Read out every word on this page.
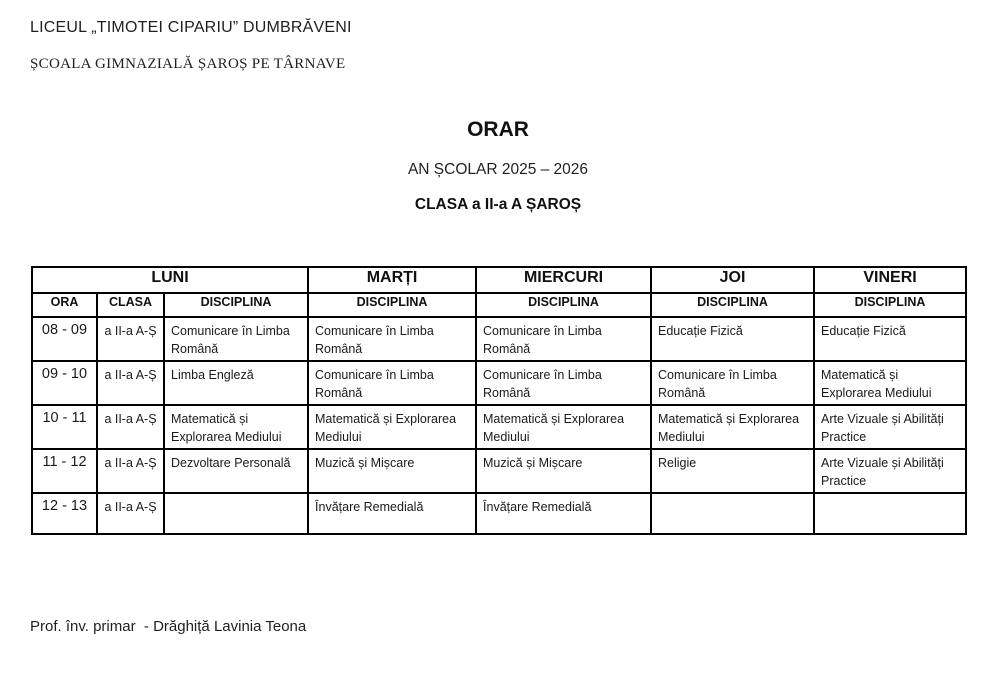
LICEUL „TIMOTEI CIPARIU” DUMBRĂVENI
ȘCOALA GIMNAZIALĂ ȘAROȘ PE TÂRNAVE
ORAR
AN ȘCOLAR 2025 – 2026
CLASA a II-a A ȘAROȘ
LUNI			MARȚI	MIERCURI	JOI	VINERI
ORA	CLASA	DISCIPLINA	DISCIPLINA	DISCIPLINA	DISCIPLINA	DISCIPLINA
08 - 09	a II-a A-Ș	Comunicare în Limba Română	Comunicare în Limba Română	Comunicare în Limba Română	Educație Fizică	Educație Fizică
09 - 10	a II-a A-Ș	Limba Engleză	Comunicare în Limba Română	Comunicare în Limba Română	Comunicare în Limba Română	Matematică și Explorarea Mediului
10 - 11	a II-a A-Ș	Matematică și Explorarea Mediului	Matematică și Explorarea Mediului	Matematică și Explorarea Mediului	Matematică și Explorarea Mediului	Arte Vizuale și Abilități Practice
11 - 12	a II-a A-Ș	Dezvoltare Personală	Muzică și Mișcare	Muzică și Mișcare	Religie	Arte Vizuale și Abilități Practice
12 - 13	a II-a A-Ș		Învățare Remedială	Învățare Remedială		
Prof. înv. primar  - Drăghiță Lavinia Teona
